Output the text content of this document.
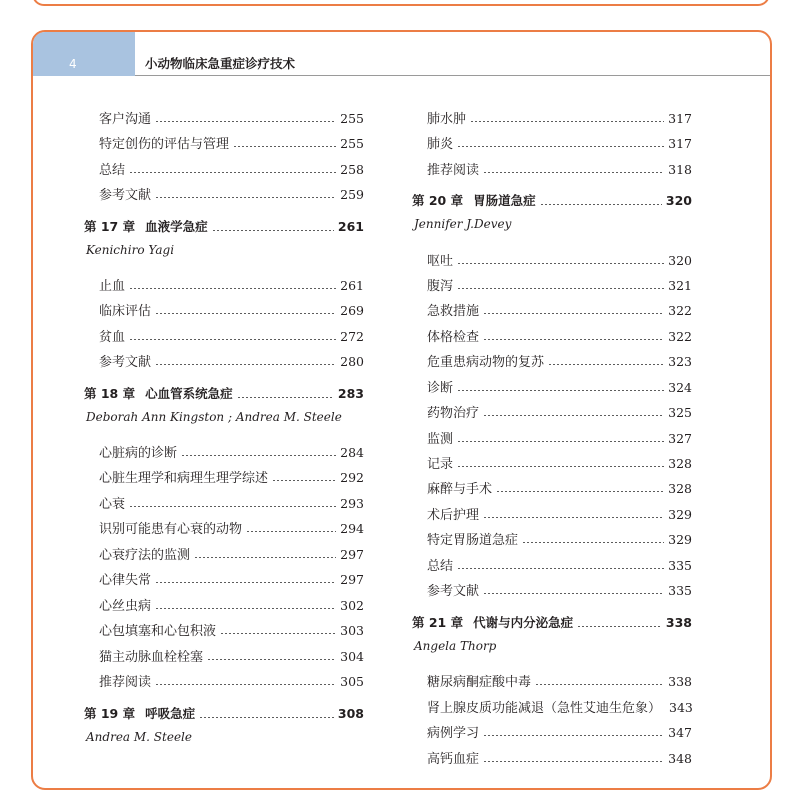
4	小动物临床急重症诊疗技术
客户沟通	255
特定创伤的评估与管理	255
总结	258
参考文献	259
第 17 章 血液学急症	261
Kenichiro Yagi
止血	261
临床评估	269
贫血	272
参考文献	280
第 18 章 心血管系统急症	283
Deborah Ann Kingston ; Andrea M. Steele
心脏病的诊断	284
心脏生理学和病理生理学综述	292
心衰	293
识别可能患有心衰的动物	294
心衰疗法的监测	297
心律失常	297
心丝虫病	302
心包填塞和心包积液	303
猫主动脉血栓栓塞	304
推荐阅读	305
第 19 章 呼吸急症	308
Andrea M. Steele
肺水肿	317
肺炎	317
推荐阅读	318
第 20 章 胃肠道急症	320
Jennifer J.Devey
呕吐	320
腹泻	321
急救措施	322
体格检查	322
危重患病动物的复苏	323
诊断	324
药物治疗	325
监测	327
记录	328
麻醉与手术	328
术后护理	329
特定胃肠道急症	329
总结	335
参考文献	335
第 21 章 代谢与内分泌急症	338
Angela Thorp
糖尿病酮症酸中毒	338
肾上腺皮质功能减退（急性艾迪生危象） 343
病例学习	347
高钙血症	348
